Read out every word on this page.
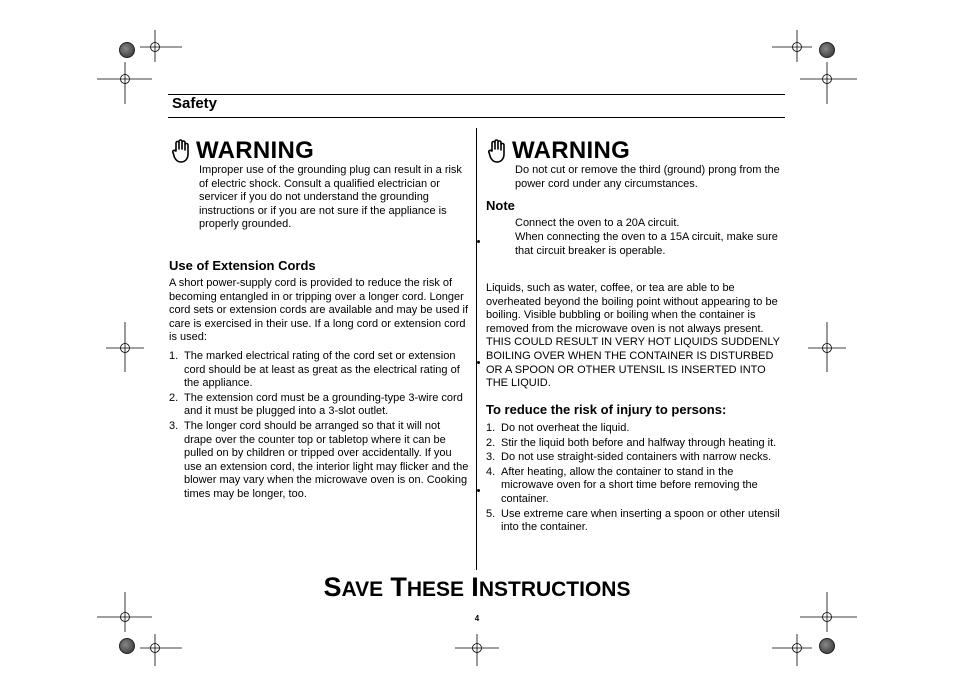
Safety
WARNING
Improper use of the grounding plug can result in a risk of electric shock. Consult a qualified electrician or servicer if you do not understand the grounding instructions or if you are not sure if the appliance is properly grounded.
Use of Extension Cords
A short power-supply cord is provided to reduce the risk of becoming entangled in or tripping over a longer cord. Longer cord sets or extension cords are available and may be used if care is exercised in their use. If a long cord or extension cord is used:
1. The marked electrical rating of the cord set or extension cord should be at least as great as the electrical rating of the appliance.
2. The extension cord must be a grounding-type 3-wire cord and it must be plugged into a 3-slot outlet.
3. The longer cord should be arranged so that it will not drape over the counter top or tabletop where it can be pulled on by children or tripped over accidentally. If you use an extension cord, the interior light may flicker and the blower may vary when the microwave oven is on. Cooking times may be longer, too.
WARNING
Do not cut or remove the third (ground) prong from the power cord under any circumstances.
Note
Connect the oven to a 20A circuit.
When connecting the oven to a 15A circuit, make sure that circuit breaker is operable.
Liquids, such as water, coffee, or tea are able to be overheated beyond the boiling point without appearing to be boiling. Visible bubbling or boiling when the container is removed from the microwave oven is not always present. THIS COULD RESULT IN VERY HOT LIQUIDS SUDDENLY BOILING OVER WHEN THE CONTAINER IS DISTURBED OR A SPOON OR OTHER UTENSIL IS INSERTED INTO THE LIQUID.
To reduce the risk of injury to persons:
1. Do not overheat the liquid.
2. Stir the liquid both before and halfway through heating it.
3. Do not use straight-sided containers with narrow necks.
4. After heating, allow the container to stand in the microwave oven for a short time before removing the container.
5. Use extreme care when inserting a spoon or other utensil into the container.
SAVE THESE INSTRUCTIONS
4
